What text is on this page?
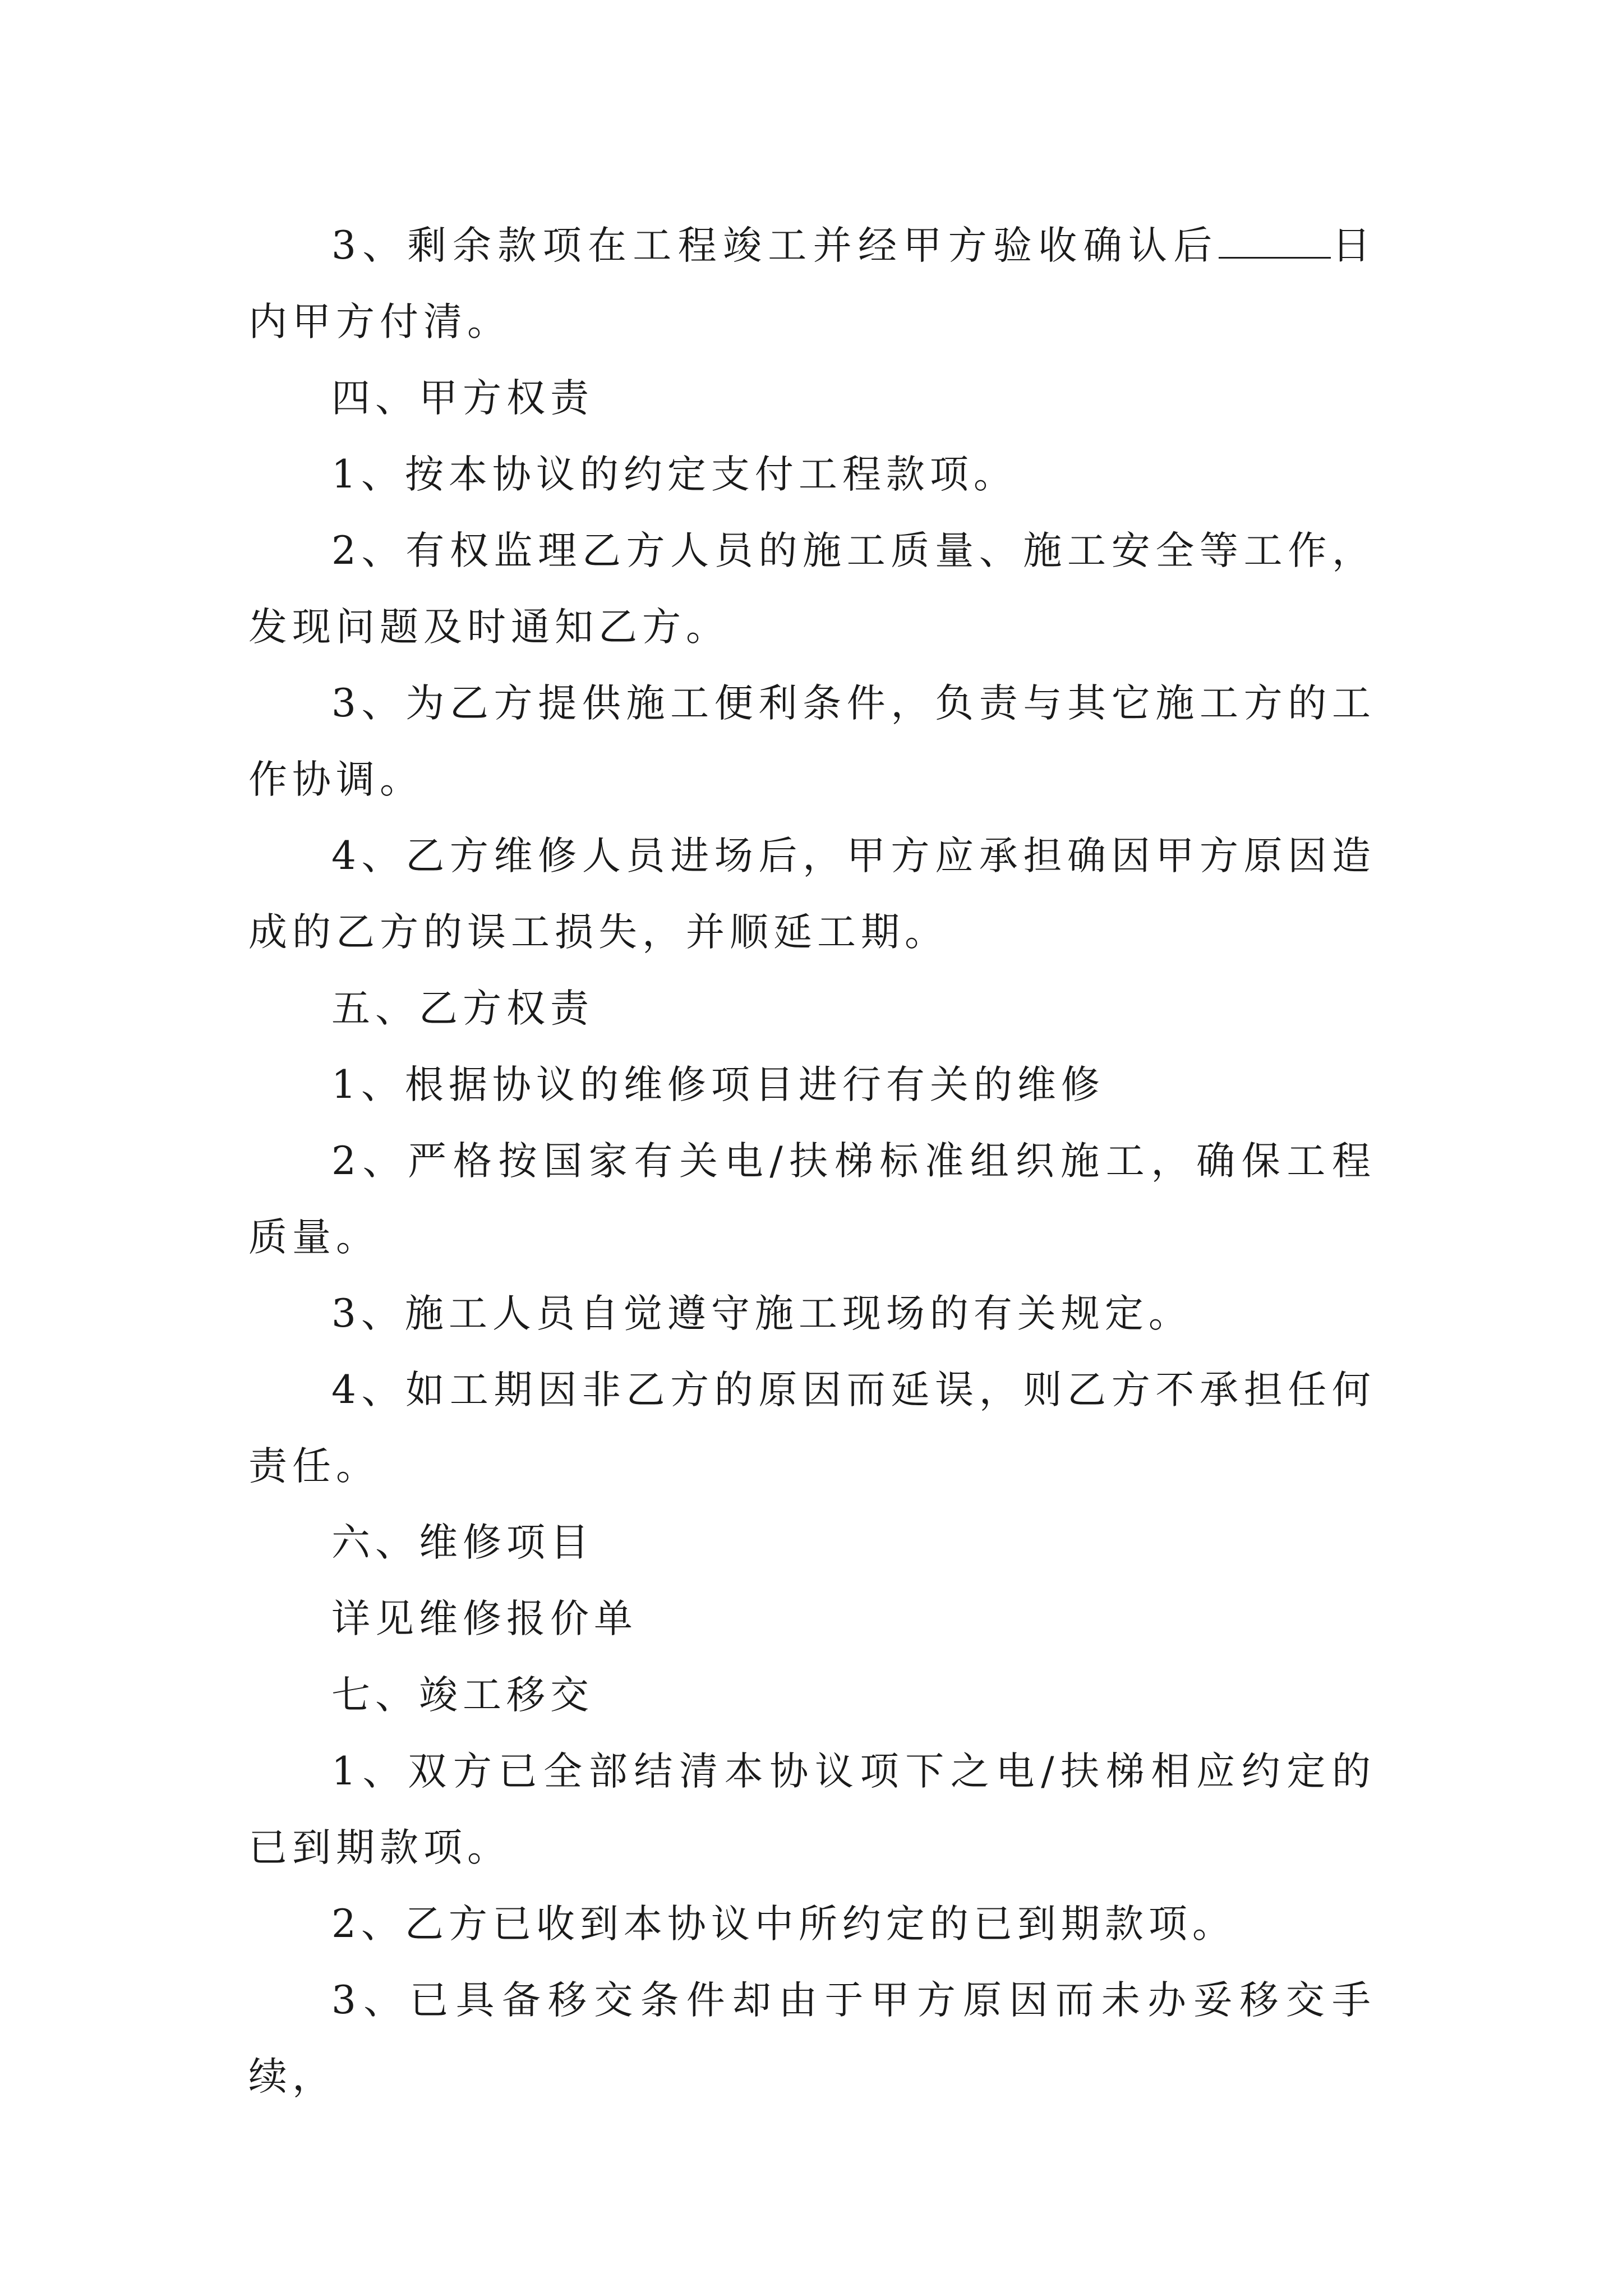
3、剩余款项在工程竣工并经甲方验收确认后	日内甲方付清。

四、甲方权责

1、按本协议的约定支付工程款项。

2、有权监理乙方人员的施工质量、施工安全等工作，发现问题及时通知乙方。

3、为乙方提供施工便利条件，负责与其它施工方的工作协调。

4、乙方维修人员进场后，甲方应承担确因甲方原因造成的乙方的误工损失，并顺延工期。

五、乙方权责

1、根据协议的维修项目进行有关的维修

2、严格按国家有关电/扶梯标准组织施工，确保工程质量。

3、施工人员自觉遵守施工现场的有关规定。

4、如工期因非乙方的原因而延误，则乙方不承担任何责任。

六、维修项目

详见维修报价单

七、竣工移交

1、双方已全部结清本协议项下之电/扶梯相应约定的已到期款项。

2、乙方已收到本协议中所约定的已到期款项。

3、已具备移交条件却由于甲方原因而未办妥移交手续，
